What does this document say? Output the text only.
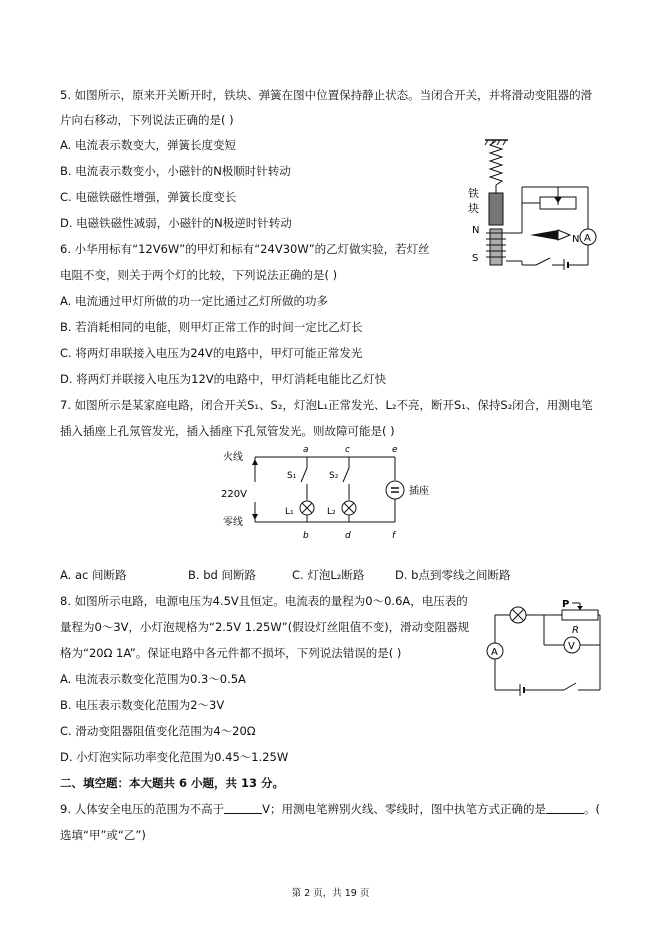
5. 如图所示，原来开关断开时，铁块、弹簧在图中位置保持静止状态。当闭合开关，并将滑动变阻器的滑
片向右移动，下列说法正确的是( )
A. 电流表示数变大，弹簧长度变短
B. 电流表示数变小，小磁针的N极顺时针转动
C. 电磁铁磁性增强，弹簧长度变长
D. 电磁铁磁性减弱，小磁针的N极逆时针转动
铁
块
N
S
N A
6. 小华用标有“12V6W”的甲灯和标有“24V30W”的乙灯做实验，若灯丝
电阻不变，则关于两个灯的比较，下列说法正确的是( )
A. 电流通过甲灯所做的功一定比通过乙灯所做的功多
B. 若消耗相同的电能，则甲灯正常工作的时间一定比乙灯长
C. 将两灯串联接入电压为24V的电路中，甲灯可能正常发光
D. 将两灯并联接入电压为12V的电路中，甲灯消耗电能比乙灯快
7. 如图所示是某家庭电路，闭合开关S₁、S₂，灯泡L₁正常发光、L₂不亮，断开S₁、保持S₂闭合，用测电笔
插入插座上孔氖管发光，插入插座下孔氖管发光。则故障可能是( )
火线
零线
220V
a	c	e
b	d	f
S₁
L₁
S₂
L₂
插座
A. ac 间断路	B. bd 间断路	C. 灯泡L₂断路	D. b点到零线之间断路
8. 如图所示电路，电源电压为4.5V且恒定。电流表的量程为0～0.6A，电压表的
量程为0～3V，小灯泡规格为“2.5V 1.25W”(假设灯丝阻值不变)，滑动变阻器规
格为“20Ω 1A”。保证电路中各元件都不损坏，下列说法错误的是( )
A. 电流表示数变化范围为0.3～0.5A
B. 电压表示数变化范围为2～3V
C. 滑动变阻器阻值变化范围为4～20Ω
D. 小灯泡实际功率变化范围为0.45～1.25W
P
R
V
A
二、填空题：本大题共 6 小题，共 13 分。
9. 人体安全电压的范围为不高于	V；用测电笔辨别火线、零线时，图中执笔方式正确的是	。(
选填“甲”或“乙”)
第 2 页，共 19 页
